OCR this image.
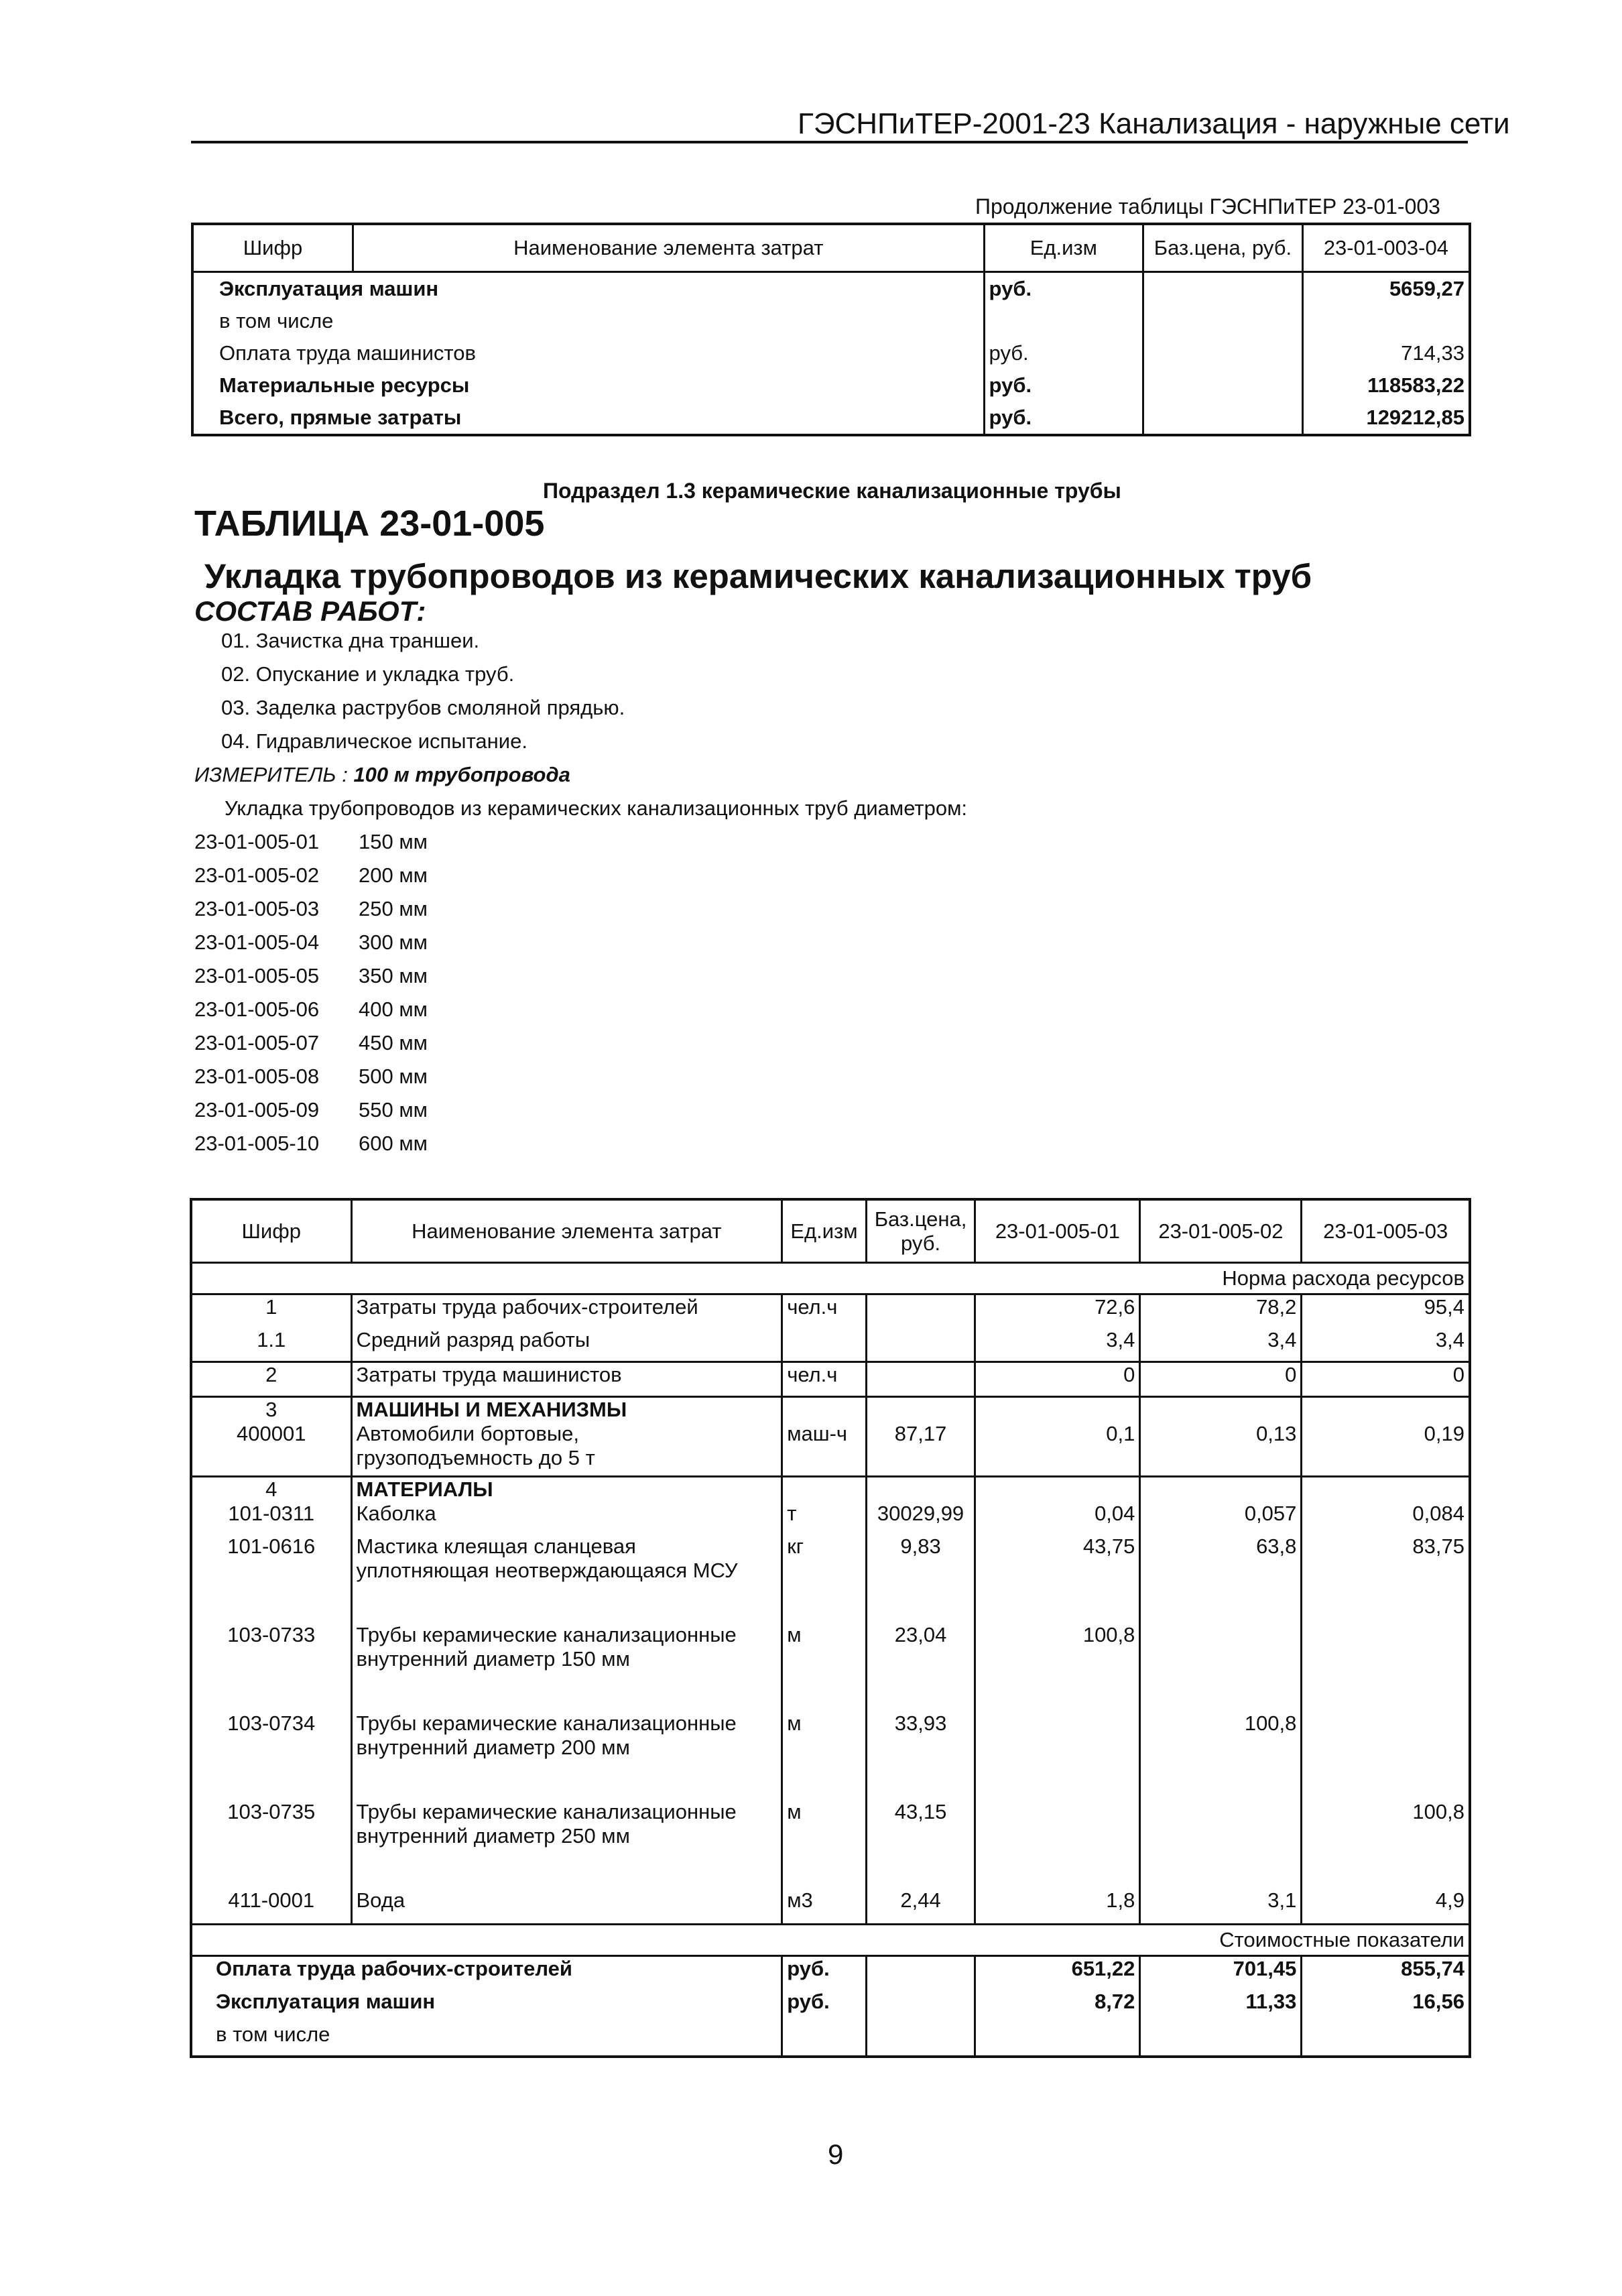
ГЭСНПиТЕР-2001-23 Канализация - наружные сети
Продолжение таблицы ГЭСНПиТЕР 23-01-003
Шифр	Наименование элемента затрат	Ед.изм	Баз.цена, руб.	23-01-003-04
Эксплуатация машин		руб.		5659,27
в том числе				
Оплата труда машинистов		руб.		714,33
Материальные ресурсы		руб.		118583,22
Всего, прямые затраты		руб.		129212,85
Подраздел 1.3 керамические канализационные трубы
ТАБЛИЦА 23-01-005
Укладка трубопроводов из керамических канализационных труб
СОСТАВ РАБОТ:
01. Зачистка дна траншеи.
02. Опускание и укладка труб.
03. Заделка раструбов смоляной прядью.
04. Гидравлическое испытание.
ИЗМЕРИТЕЛЬ : 100 м трубопровода
Укладка трубопроводов из керамических канализационных труб диаметром:
23-01-005-01 150 мм
23-01-005-02 200 мм
23-01-005-03 250 мм
23-01-005-04 300 мм
23-01-005-05 350 мм
23-01-005-06 400 мм
23-01-005-07 450 мм
23-01-005-08 500 мм
23-01-005-09 550 мм
23-01-005-10 600 мм
Шифр	Наименование элемента затрат	Ед.изм	Баз.цена, руб.	23-01-005-01	23-01-005-02	23-01-005-03
Норма расхода ресурсов						
1	Затраты труда рабочих-строителей	чел.ч		72,6	78,2	95,4
1.1	Средний разряд работы			3,4	3,4	3,4
2	Затраты труда машинистов	чел.ч		0	0	0
3	МАШИНЫ И МЕХАНИЗМЫ					
400001	Автомобили бортовые,
грузоподъемность до 5 т	маш-ч	87,17	0,1	0,13	0,19
4	МАТЕРИАЛЫ					
101-0311	Каболка	т	30029,99	0,04	0,057	0,084
101-0616	Мастика клеящая сланцевая
уплотняющая неотверждающаяся МСУ	кг	9,83	43,75	63,8	83,75
103-0733	Трубы керамические канализационные
внутренний диаметр 150 мм	м	23,04	100,8		
103-0734	Трубы керамические канализационные
внутренний диаметр 200 мм	м	33,93		100,8	
103-0735	Трубы керамические канализационные
внутренний диаметр 250 мм	м	43,15			100,8
411-0001	Вода	м3	2,44	1,8	3,1	4,9
Стоимостные показатели						
Оплата труда рабочих-строителей		руб.		651,22	701,45	855,74
Эксплуатация машин		руб.		8,72	11,33	16,56
в том числе						
9
